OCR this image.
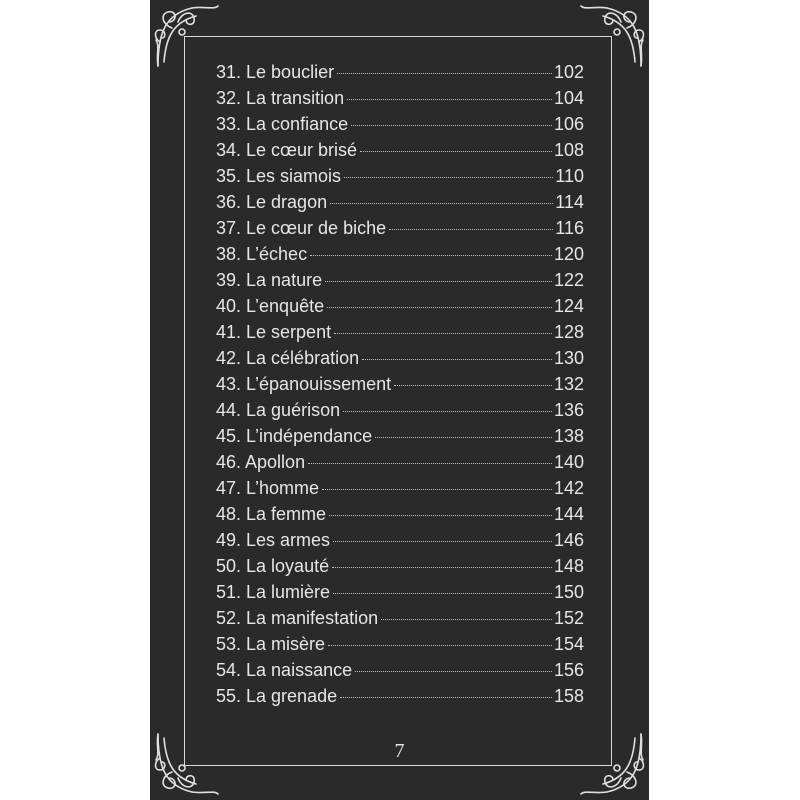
31. Le bouclier	102
32. La transition	104
33. La confiance	106
34. Le cœur brisé	108
35. Les siamois	110
36. Le dragon	114
37. Le cœur de biche	116
38. L’échec	120
39. La nature	122
40. L’enquête	124
41. Le serpent	128
42. La célébration	130
43. L’épanouissement	132
44. La guérison	136
45. L’indépendance	138
46. Apollon	140
47. L’homme	142
48. La femme	144
49. Les armes	146
50. La loyauté	148
51. La lumière	150
52. La manifestation	152
53. La misère	154
54. La naissance	156
55. La grenade	158
7
